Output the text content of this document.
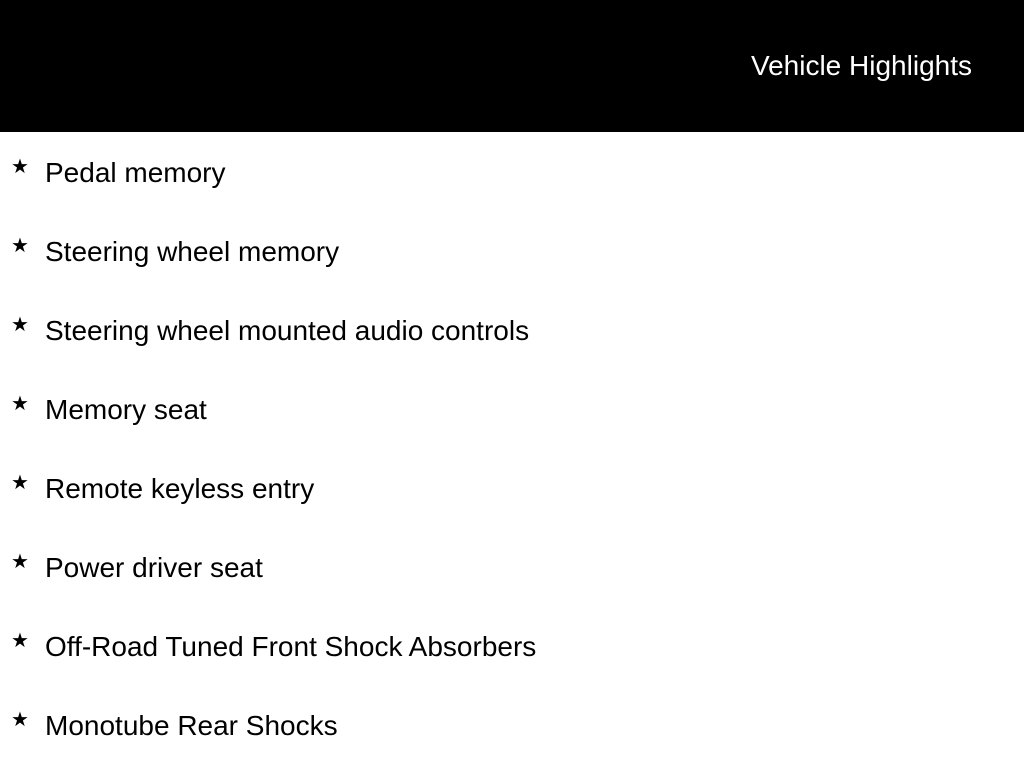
Vehicle Highlights
★ Pedal memory
★ Steering wheel memory
★ Steering wheel mounted audio controls
★ Memory seat
★ Remote keyless entry
★ Power driver seat
★ Off-Road Tuned Front Shock Absorbers
★ Monotube Rear Shocks
